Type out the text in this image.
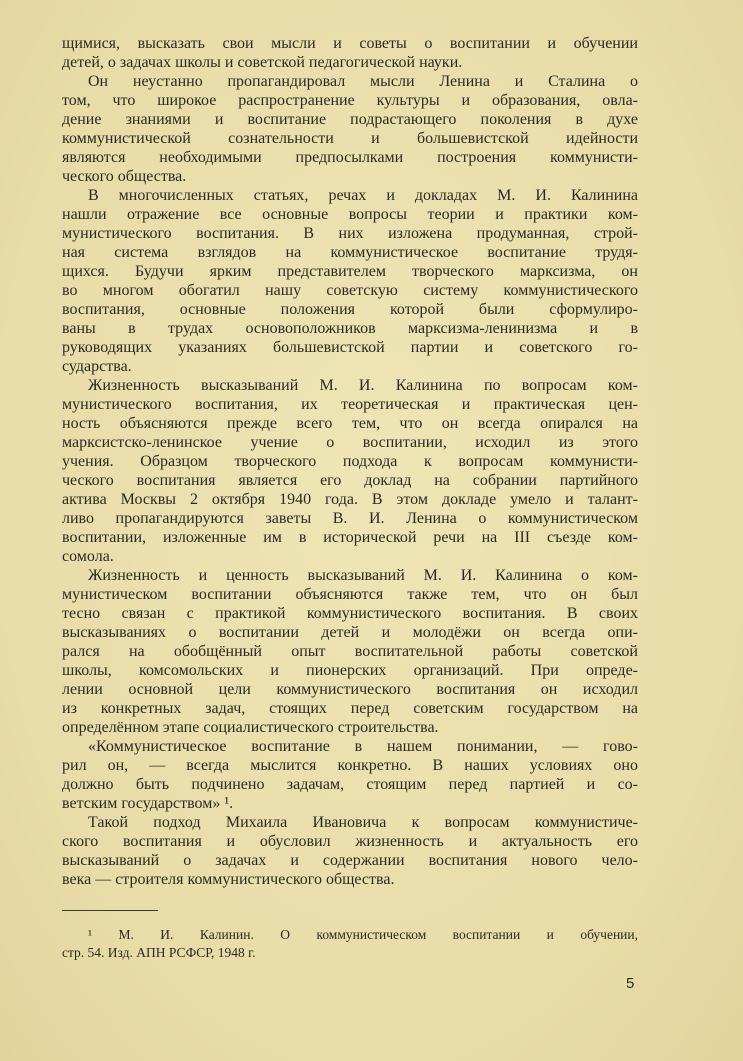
щимися, высказать свои мысли и советы о воспитании и обучении
детей, о задачах школы и советской педагогической науки.
Он неустанно пропагандировал мысли Ленина и Сталина о
том, что широкое распространение культуры и образования, овла-
дение знаниями и воспитание подрастающего поколения в духе
коммунистической сознательности и большевистской идейности
являются необходимыми предпосылками построения коммунисти-
ческого общества.
В многочисленных статьях, речах и докладах М. И. Калинина
нашли отражение все основные вопросы теории и практики ком-
мунистического воспитания. В них изложена продуманная, строй-
ная система взглядов на коммунистическое воспитание трудя-
щихся. Будучи ярким представителем творческого марксизма, он
во многом обогатил нашу советскую систему коммунистического
воспитания, основные положения которой были сформулиро-
ваны в трудах основоположников марксизма-ленинизма и в
руководящих указаниях большевистской партии и советского го-
сударства.
Жизненность высказываний М. И. Калинина по вопросам ком-
мунистического воспитания, их теоретическая и практическая цен-
ность объясняются прежде всего тем, что он всегда опирался на
марксистско-ленинское учение о воспитании, исходил из этого
учения. Образцом творческого подхода к вопросам коммунисти-
ческого воспитания является его доклад на собрании партийного
актива Москвы 2 октября 1940 года. В этом докладе умело и талант-
ливо пропагандируются заветы В. И. Ленина о коммунистическом
воспитании, изложенные им в исторической речи на III съезде ком-
сомола.
Жизненность и ценность высказываний М. И. Калинина о ком-
мунистическом воспитании объясняются также тем, что он был
тесно связан с практикой коммунистического воспитания. В своих
высказываниях о воспитании детей и молодёжи он всегда опи-
рался на обобщённый опыт воспитательной работы советской
школы, комсомольских и пионерских организаций. При опреде-
лении основной цели коммунистического воспитания он исходил
из конкретных задач, стоящих перед советским государством на
определённом этапе социалистического строительства.
«Коммунистическое воспитание в нашем понимании, — гово-
рил он, — всегда мыслится конкретно. В наших условиях оно
должно быть подчинено задачам, стоящим перед партией и со-
ветским государством» ¹.
Такой подход Михаила Ивановича к вопросам коммунистиче-
ского воспитания и обусловил жизненность и актуальность его
высказываний о задачах и содержании воспитания нового чело-
века — строителя коммунистического общества.
¹ М. И. Калинин. О коммунистическом воспитании и обучении,
стр. 54. Изд. АПН РСФСР, 1948 г.
5
